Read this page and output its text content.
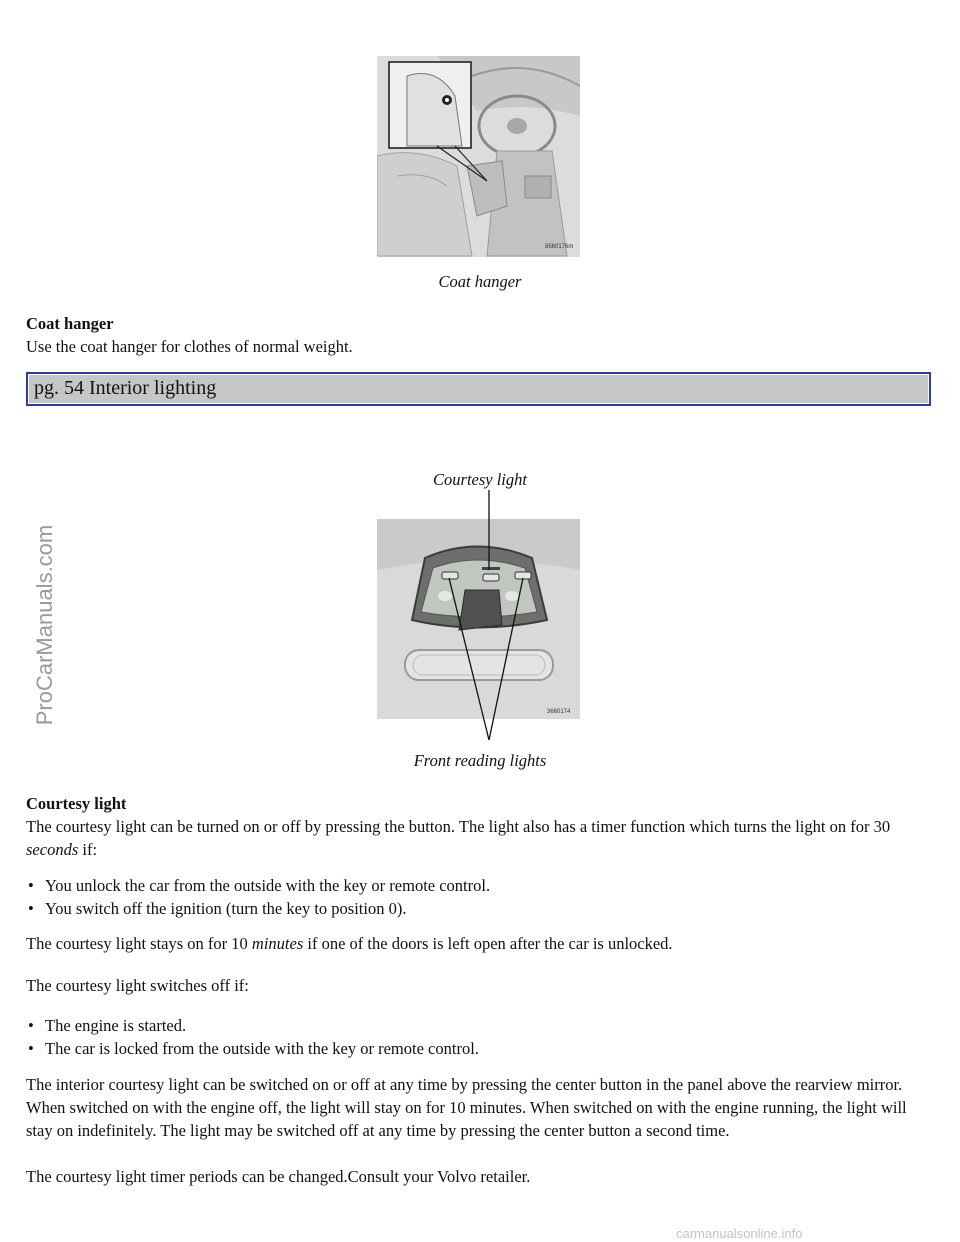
8560176m
Coat hanger
Coat hanger
Use the coat hanger for clothes of normal weight.
pg. 54 Interior lighting
Courtesy light
3660174
Front reading lights
Courtesy light

The courtesy light can be turned on or off by pressing the button. The light also has a timer function which turns the light on for 30 seconds if:

• You unlock the car from the outside with the key or remote control.
• You switch off the ignition (turn the key to position 0).

The courtesy light stays on for 10 minutes if one of the doors is left open after the car is unlocked.

The courtesy light switches off if:

• The engine is started.
• The car is locked from the outside with the key or remote control.

The interior courtesy light can be switched on or off at any time by pressing the center button in the panel above the rearview mirror. When switched on with the engine off, the light will stay on for 10 minutes. When switched on with the engine running, the light will stay on indefinitely. The light may be switched off at any time by pressing the center button a second time.

The courtesy light timer periods can be changed.Consult your Volvo retailer.

ProCarManuals.com
carmanualsonline.info
